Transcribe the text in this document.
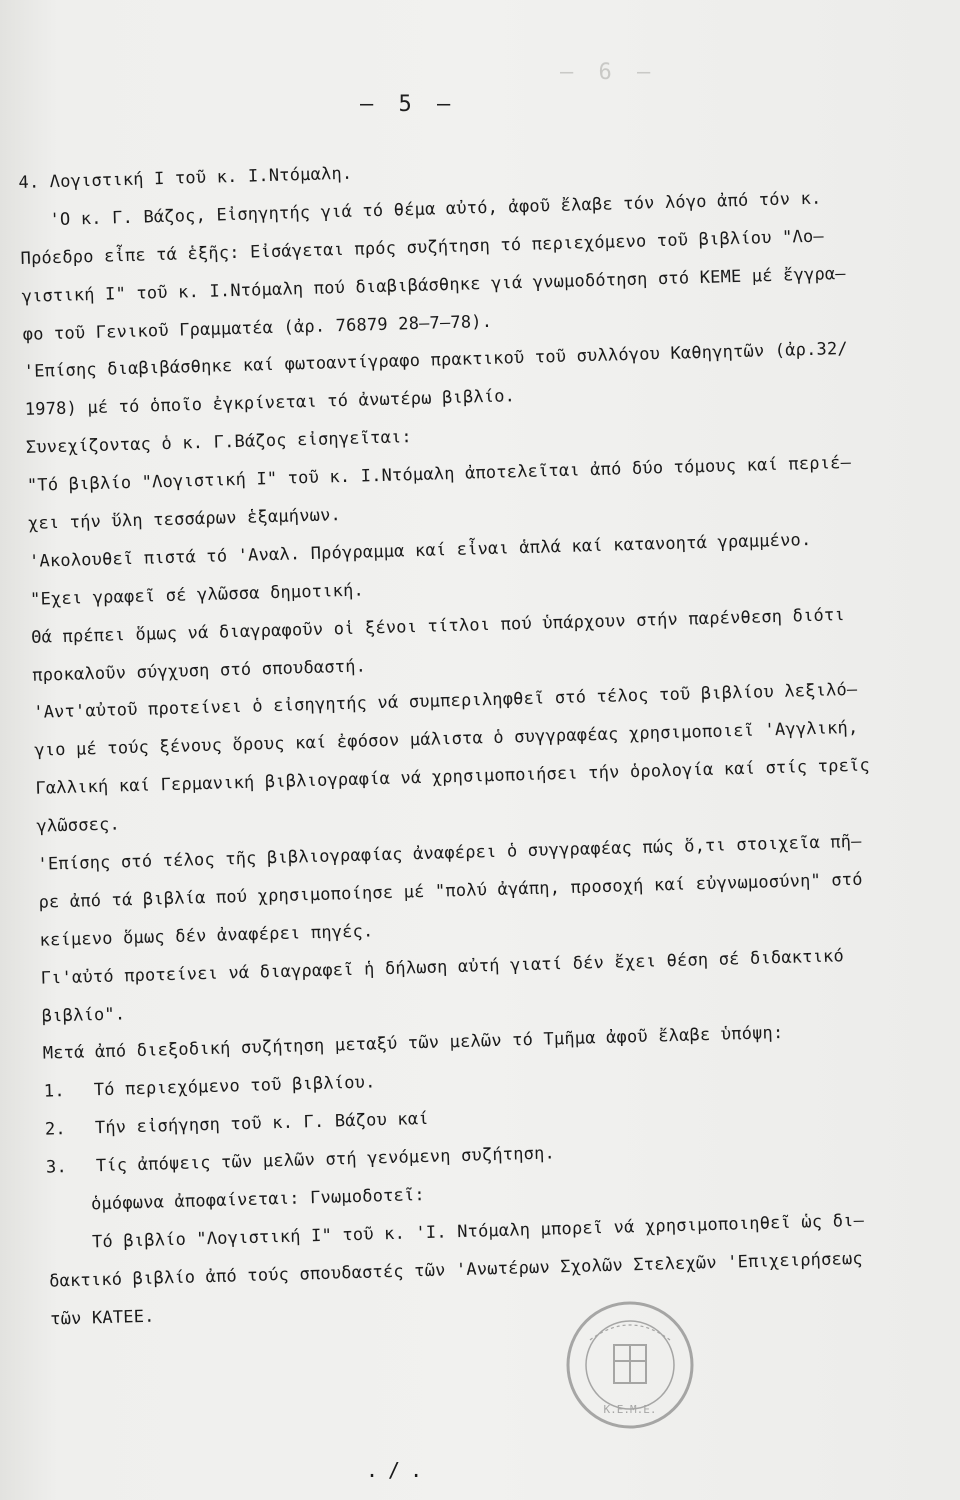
– 6 –
– 5 –
4. Λογιστική Ι τοῦ κ. Ι.Ντόμαλη.
'Ο κ. Γ. Βάζος, Εἰσηγητής γιά τό θέμα αὐτό, ἀφοῦ ἔλαβε τόν λόγο ἀπό τόν κ.
Πρόεδρο εἶπε τά ἑξῆς: Εἰσάγεται πρός συζήτηση τό περιεχόμενο τοῦ βιβλίου "Λο–
γιστική Ι" τοῦ κ. Ι.Ντόμαλη πού διαβιβάσθηκε γιά γνωμοδότηση στό ΚΕΜΕ μέ ἔγγρα–
φο τοῦ Γενικοῦ Γραμματέα (ἀρ. 76879 28–7–78).
'Επίσης διαβιβάσθηκε καί φωτοαντίγραφο πρακτικοῦ τοῦ συλλόγου Καθηγητῶν (ἀρ.32/
1978) μέ τό ὁποῖο ἐγκρίνεται τό ἀνωτέρω βιβλίο.
Συνεχίζοντας ὁ κ. Γ.Βάζος εἰσηγεῖται:
"Τό βιβλίο "Λογιστική Ι" τοῦ κ. Ι.Ντόμαλη ἀποτελεῖται ἀπό δύο τόμους καί περιέ–
χει τήν ὕλη τεσσάρων ἑξαμήνων.
'Ακολουθεῖ πιστά τό 'Αναλ. Πρόγραμμα καί εἶναι ἁπλά καί κατανοητά γραμμένο.
"Εχει γραφεῖ σέ γλῶσσα δημοτική.
Θά πρέπει ὅμως νά διαγραφοῦν οἱ ξένοι τίτλοι πού ὑπάρχουν στήν παρένθεση διότι
προκαλοῦν σύγχυση στό σπουδαστή.
'Αντ'αὐτοῦ προτείνει ὁ εἰσηγητής νά συμπεριληφθεῖ στό τέλος τοῦ βιβλίου λεξιλό–
γιο μέ τούς ξένους ὅρους καί ἐφόσον μάλιστα ὁ συγγραφέας χρησιμοποιεῖ 'Αγγλική,
Γαλλική καί Γερμανική βιβλιογραφία νά χρησιμοποιήσει τήν ὁρολογία καί στίς τρεῖς
γλῶσσες.
'Επίσης στό τέλος τῆς βιβλιογραφίας ἀναφέρει ὁ συγγραφέας πώς ὅ,τι στοιχεῖα πῆ–
ρε ἀπό τά βιβλία πού χρησιμοποίησε μέ "πολύ ἀγάπη, προσοχή καί εὐγνωμοσύνη" στό
κείμενο ὅμως δέν ἀναφέρει πηγές.
Γι'αὐτό προτείνει νά διαγραφεῖ ἡ δήλωση αὐτή γιατί δέν ἔχει θέση σέ διδακτικό
βιβλίο".
Μετά ἀπό διεξοδική συζήτηση μεταξύ τῶν μελῶν τό Τμῆμα ἀφοῦ ἔλαβε ὑπόψη:
1. Τό περιεχόμενο τοῦ βιβλίου.
2. Τήν εἰσήγηση τοῦ κ. Γ. Βάζου καί
3. Τίς ἀπόψεις τῶν μελῶν στή γενόμενη συζήτηση.
ὁμόφωνα ἀποφαίνεται: Γνωμοδοτεῖ:
Τό βιβλίο "Λογιστική Ι" τοῦ κ. 'Ι. Ντόμαλη μπορεῖ νά χρησιμοποιηθεῖ ὡς δι–
δακτικό βιβλίο ἀπό τούς σπουδαστές τῶν 'Ανωτέρων Σχολῶν Στελεχῶν 'Επιχειρήσεως
τῶν ΚΑΤΕΕ.
Κ.Ε.Μ.Ε.
./.
